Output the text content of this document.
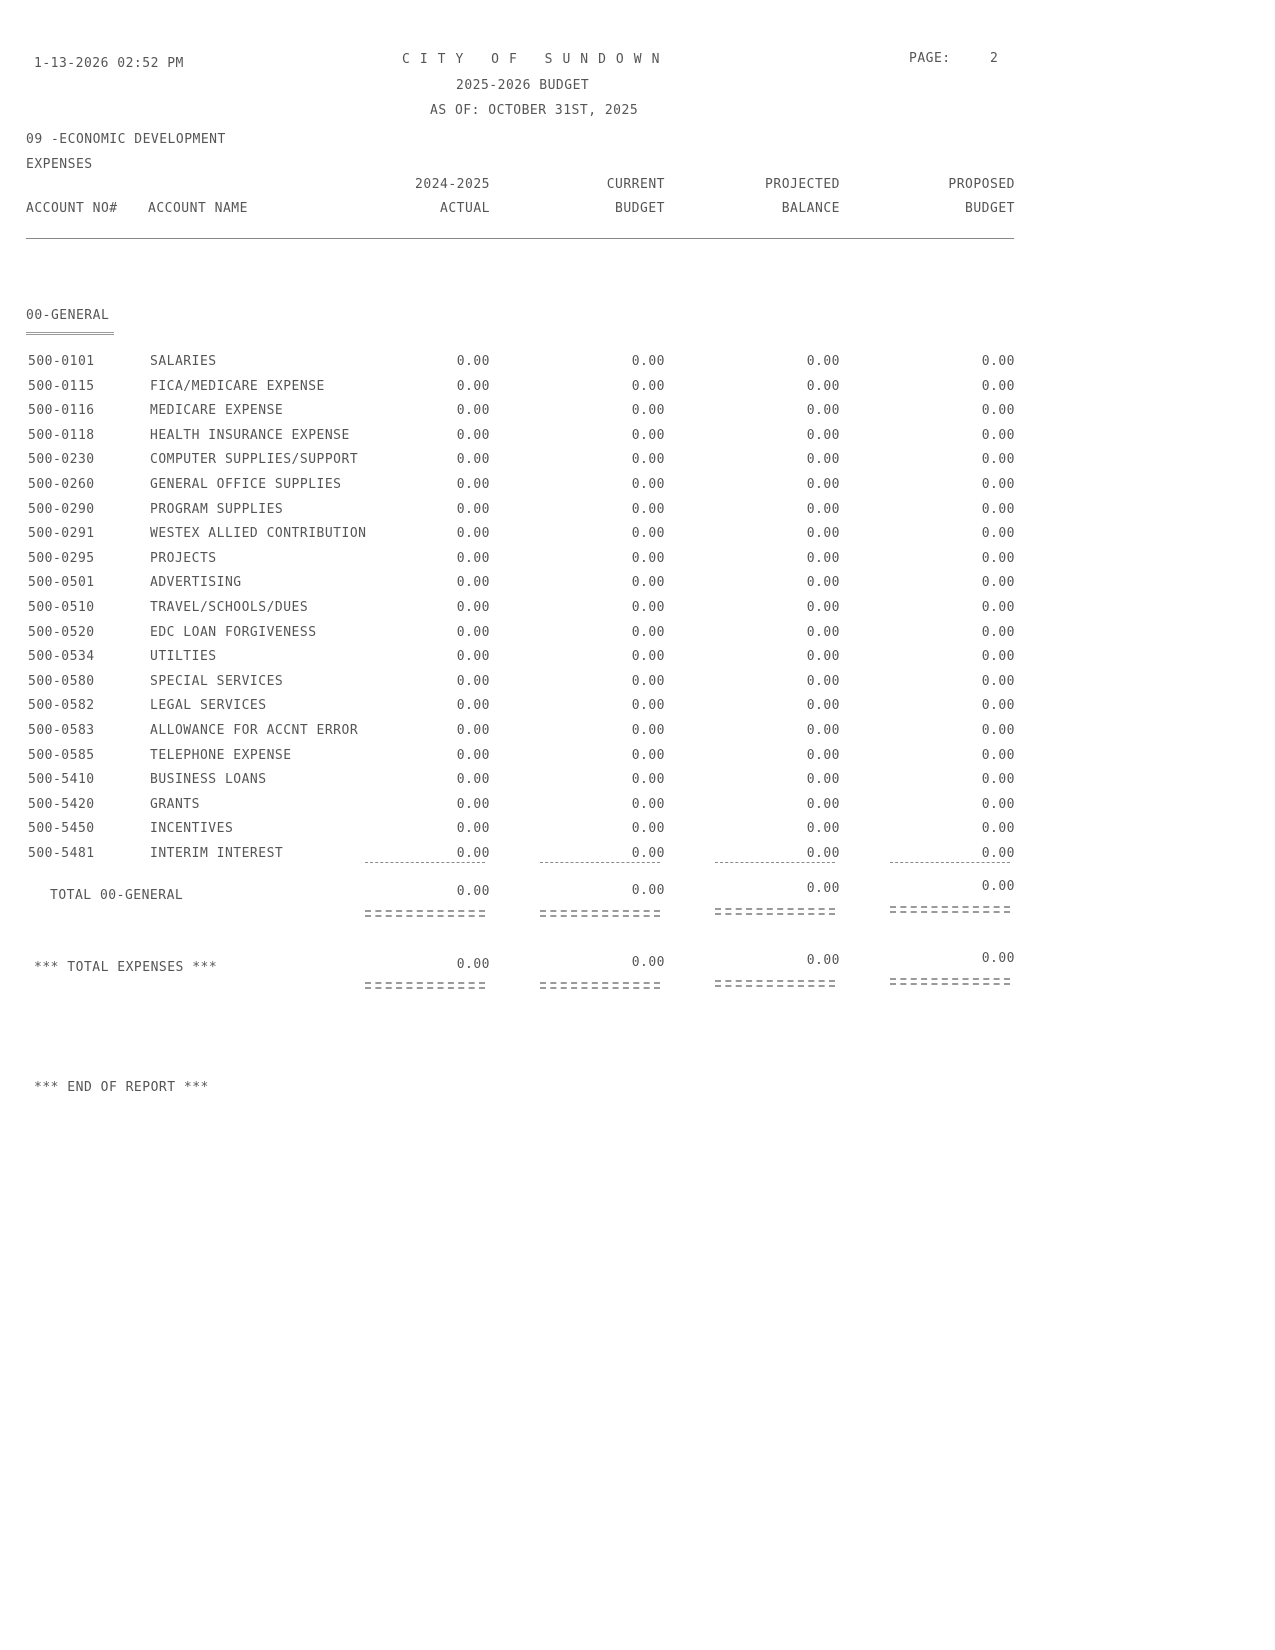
1-13-2026 02:52 PM	CITY OF SUNDOWN	PAGE:	2
2025-2026 BUDGET
AS OF: OCTOBER 31ST, 2025
09 -ECONOMIC DEVELOPMENT
EXPENSES
2024-2025	CURRENT	PROJECTED	PROPOSED
ACCOUNT NO# ACCOUNT NAME	ACTUAL	BUDGET	BALANCE	BUDGET
00-GENERAL
500-0101	SALARIES	0.00	0.00	0.00	0.00
500-0115	FICA/MEDICARE EXPENSE	0.00	0.00	0.00	0.00
500-0116	MEDICARE EXPENSE	0.00	0.00	0.00	0.00
500-0118	HEALTH INSURANCE EXPENSE	0.00	0.00	0.00	0.00
500-0230	COMPUTER SUPPLIES/SUPPORT	0.00	0.00	0.00	0.00
500-0260	GENERAL OFFICE SUPPLIES	0.00	0.00	0.00	0.00
500-0290	PROGRAM SUPPLIES	0.00	0.00	0.00	0.00
500-0291	WESTEX ALLIED CONTRIBUTION	0.00	0.00	0.00	0.00
500-0295	PROJECTS	0.00	0.00	0.00	0.00
500-0501	ADVERTISING	0.00	0.00	0.00	0.00
500-0510	TRAVEL/SCHOOLS/DUES	0.00	0.00	0.00	0.00
500-0520	EDC LOAN FORGIVENESS	0.00	0.00	0.00	0.00
500-0534	UTILTIES	0.00	0.00	0.00	0.00
500-0580	SPECIAL SERVICES	0.00	0.00	0.00	0.00
500-0582	LEGAL SERVICES	0.00	0.00	0.00	0.00
500-0583	ALLOWANCE FOR ACCNT ERROR	0.00	0.00	0.00	0.00
500-0585	TELEPHONE EXPENSE	0.00	0.00	0.00	0.00
500-5410	BUSINESS LOANS	0.00	0.00	0.00	0.00
500-5420	GRANTS	0.00	0.00	0.00	0.00
500-5450	INCENTIVES	0.00	0.00	0.00	0.00
500-5481	INTERIM INTEREST	0.00	0.00	0.00	0.00
TOTAL 00-GENERAL	0.00	0.00	0.00	0.00
*** TOTAL EXPENSES ***	0.00	0.00	0.00	0.00
*** END OF REPORT ***
